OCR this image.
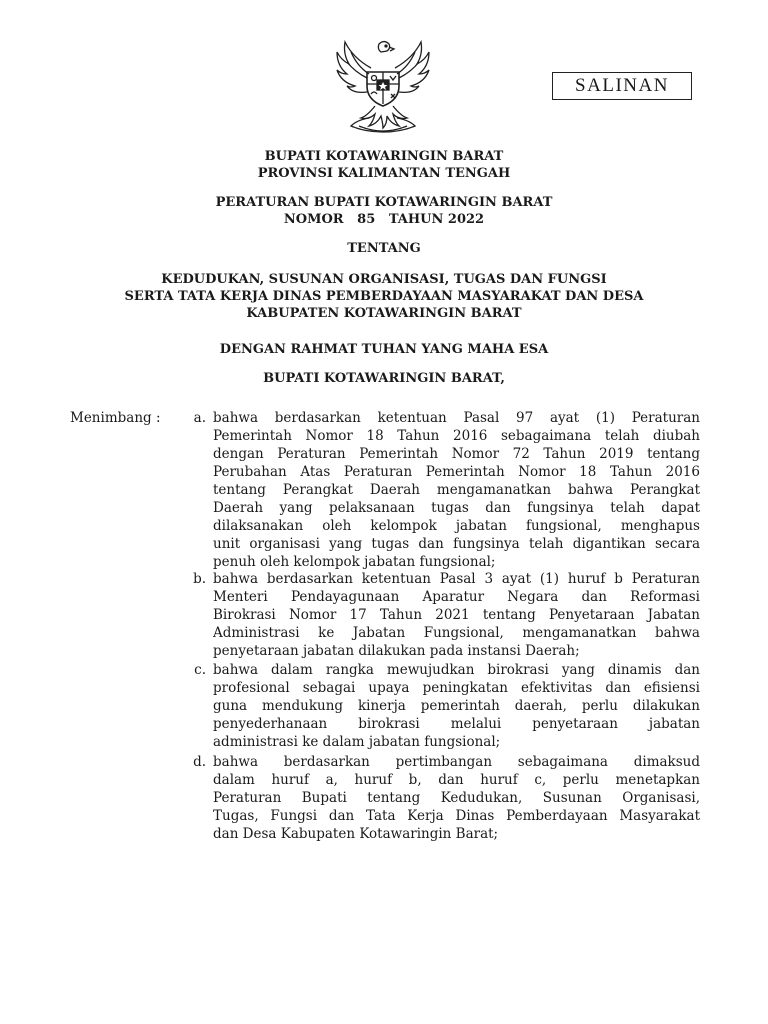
SALINAN
BUPATI KOTAWARINGIN BARAT
PROVINSI KALIMANTAN TENGAH
PERATURAN BUPATI KOTAWARINGIN BARAT
NOMOR   85   TAHUN 2022
TENTANG
KEDUDUKAN, SUSUNAN ORGANISASI, TUGAS DAN FUNGSI
SERTA TATA KERJA DINAS PEMBERDAYAAN MASYARAKAT DAN DESA
KABUPATEN KOTAWARINGIN BARAT
DENGAN RAHMAT TUHAN YANG MAHA ESA
BUPATI KOTAWARINGIN BARAT,
Menimbang :	a. bahwa berdasarkan ketentuan Pasal 97 ayat (1) Peraturan
Pemerintah Nomor 18 Tahun 2016 sebagaimana telah diubah
dengan Peraturan Pemerintah Nomor 72 Tahun 2019 tentang
Perubahan Atas Peraturan Pemerintah Nomor 18 Tahun 2016
tentang Perangkat Daerah mengamanatkan bahwa Perangkat
Daerah yang pelaksanaan tugas dan fungsinya telah dapat
dilaksanakan oleh kelompok jabatan fungsional, menghapus
unit organisasi yang tugas dan fungsinya telah digantikan secara
penuh oleh kelompok jabatan fungsional;
b. bahwa berdasarkan ketentuan Pasal 3 ayat (1) huruf b Peraturan
Menteri Pendayagunaan Aparatur Negara dan Reformasi
Birokrasi Nomor 17 Tahun 2021 tentang Penyetaraan Jabatan
Administrasi ke Jabatan Fungsional, mengamanatkan bahwa
penyetaraan jabatan dilakukan pada instansi Daerah;
c. bahwa dalam rangka mewujudkan birokrasi yang dinamis dan
profesional sebagai upaya peningkatan efektivitas dan efisiensi
guna mendukung kinerja pemerintah daerah, perlu dilakukan
penyederhanaan birokrasi melalui penyetaraan jabatan
administrasi ke dalam jabatan fungsional;
d. bahwa berdasarkan pertimbangan sebagaimana dimaksud
dalam huruf a, huruf b, dan huruf c, perlu menetapkan
Peraturan Bupati tentang Kedudukan, Susunan Organisasi,
Tugas, Fungsi dan Tata Kerja Dinas Pemberdayaan Masyarakat
dan Desa Kabupaten Kotawaringin Barat;
